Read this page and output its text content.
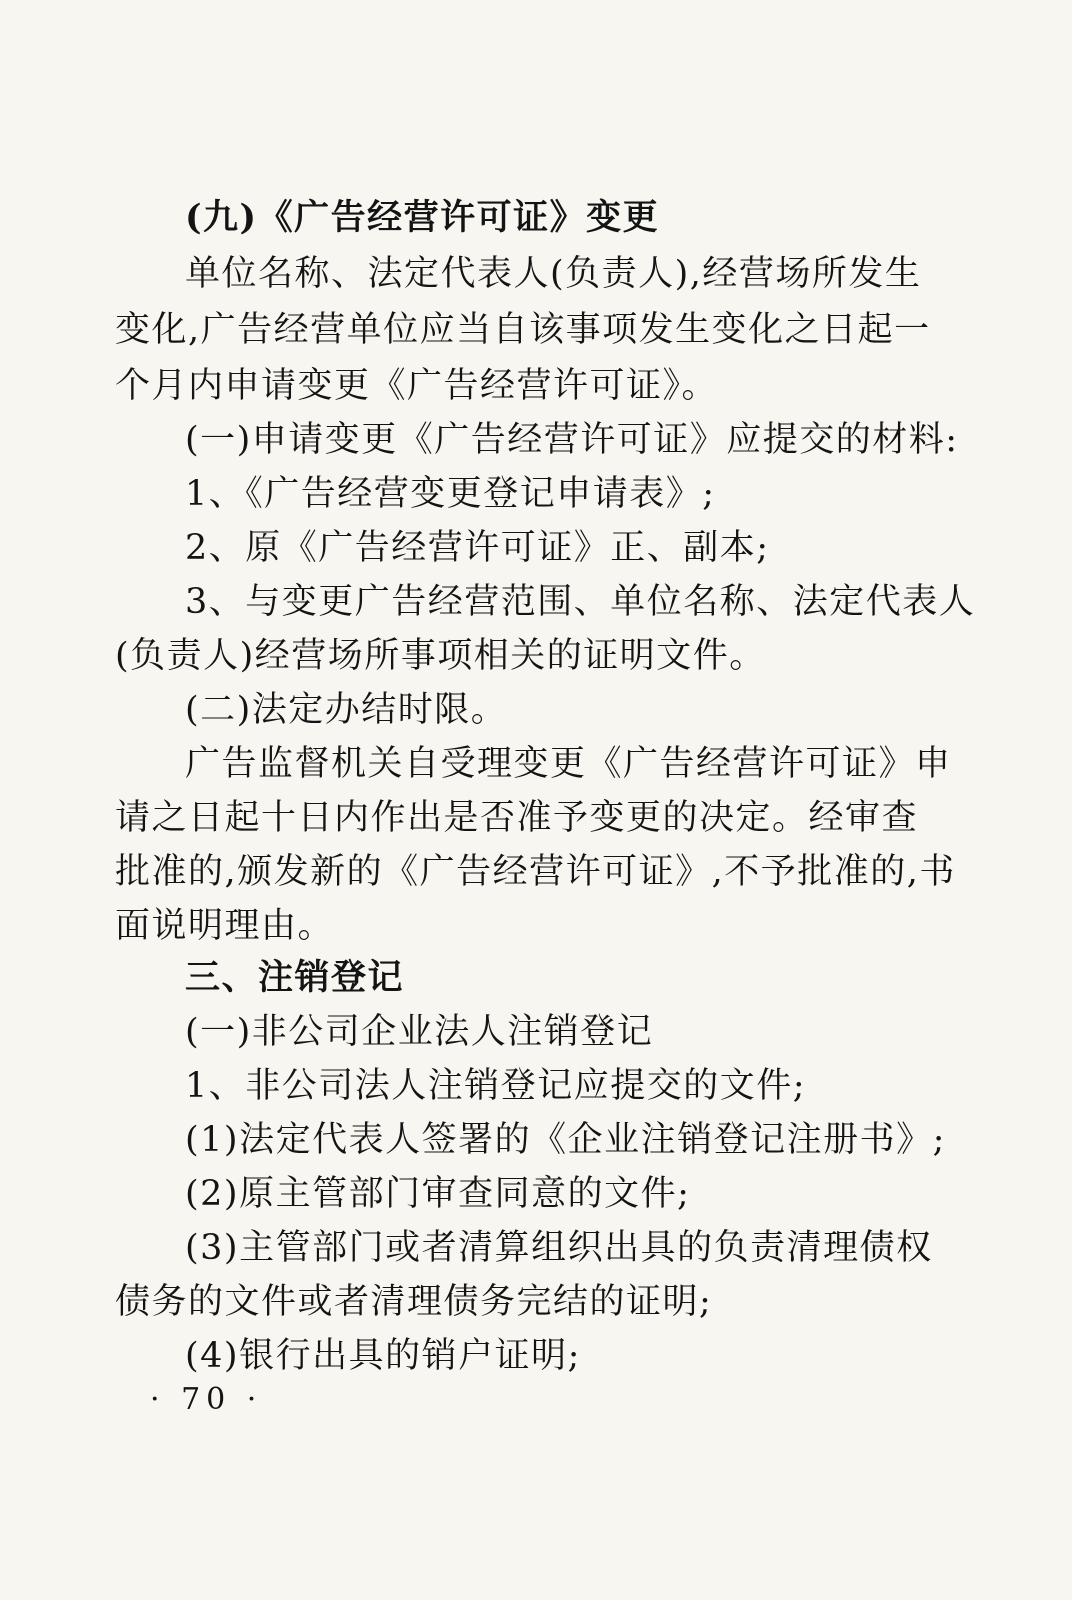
(九)《广告经营许可证》变更
单位名称、法定代表人(负责人),经营场所发生
变化,广告经营单位应当自该事项发生变化之日起一
个月内申请变更《广告经营许可证》。
(一)申请变更《广告经营许可证》应提交的材料:
1、《广告经营变更登记申请表》;
2、原《广告经营许可证》正、副本;
3、与变更广告经营范围、单位名称、法定代表人
(负责人)经营场所事项相关的证明文件。
(二)法定办结时限。
广告监督机关自受理变更《广告经营许可证》申
请之日起十日内作出是否准予变更的决定。经审查
批准的,颁发新的《广告经营许可证》,不予批准的,书
面说明理由。
三、注销登记
(一)非公司企业法人注销登记
1、非公司法人注销登记应提交的文件;
(1)法定代表人签署的《企业注销登记注册书》;
(2)原主管部门审查同意的文件;
(3)主管部门或者清算组织出具的负责清理债权
债务的文件或者清理债务完结的证明;
(4)银行出具的销户证明;
· 70 ·
